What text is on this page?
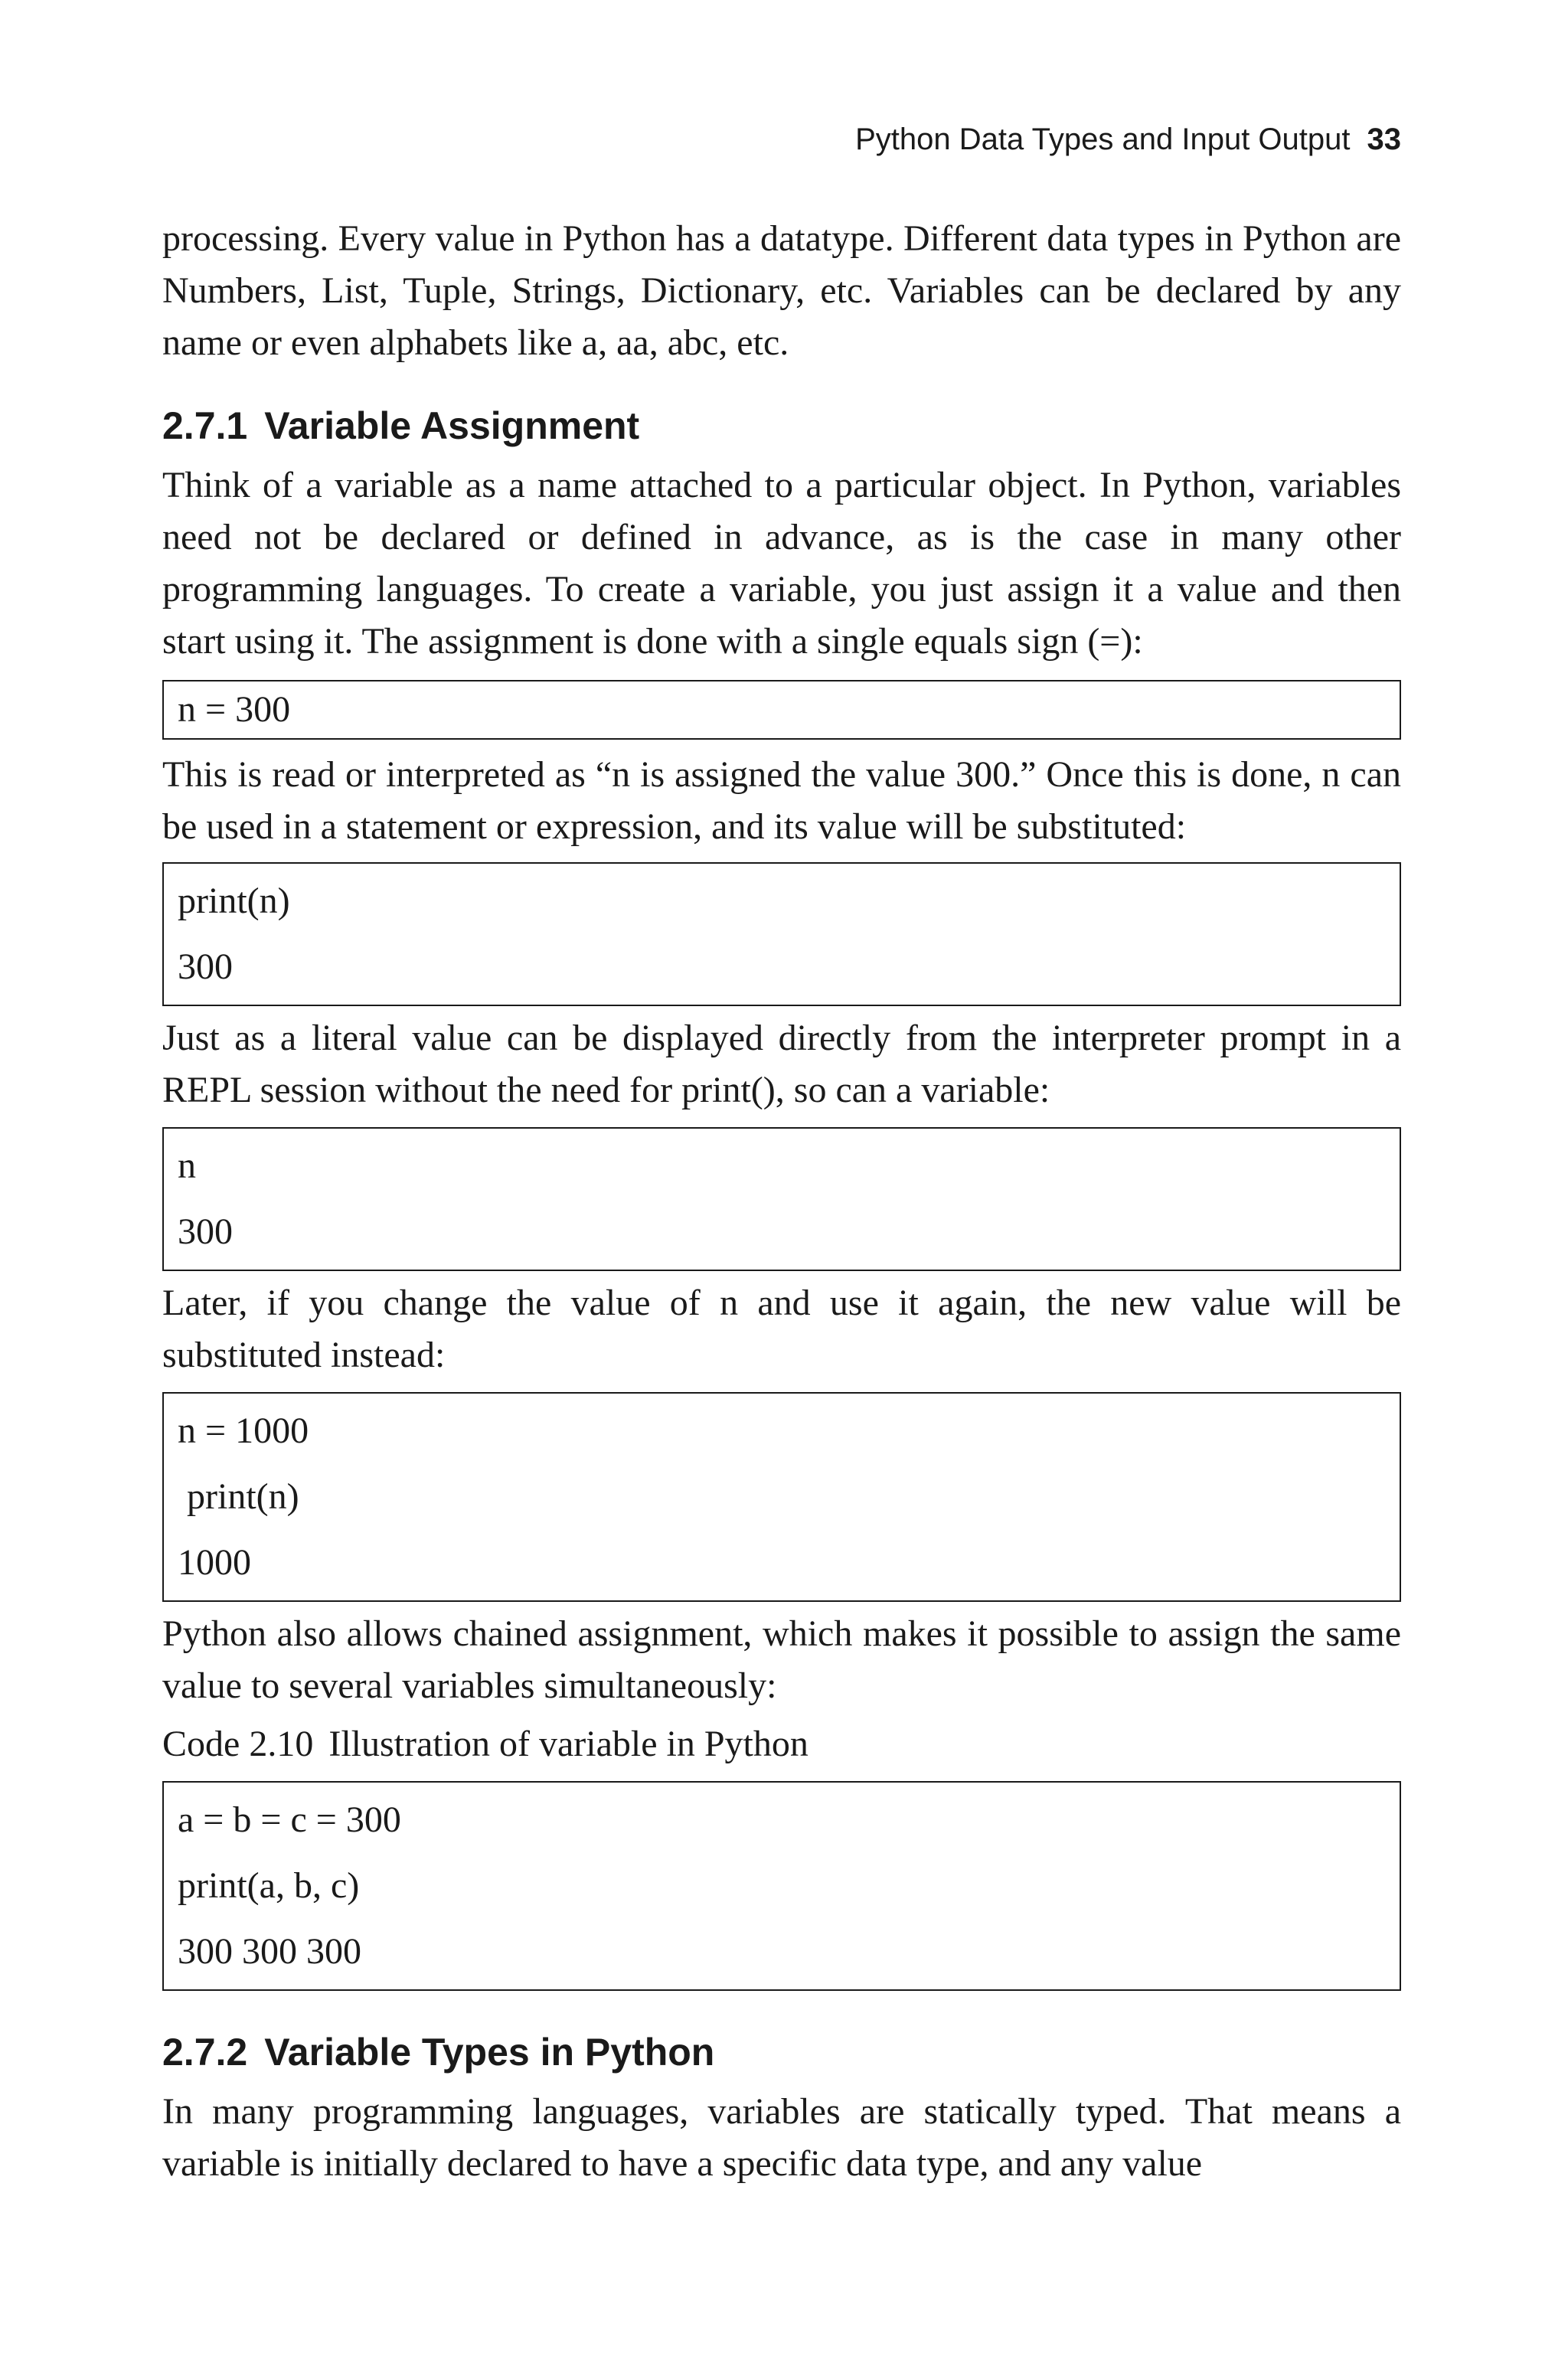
Python Data Types and Input Output 33

processing. Every value in Python has a datatype. Different data types in Python are Numbers, List, Tuple, Strings, Dictionary, etc. Variables can be declared by any name or even alphabets like a, aa, abc, etc.

2.7.1 Variable Assignment

Think of a variable as a name attached to a particular object. In Python, variables need not be declared or defined in advance, as is the case in many other programming languages. To create a variable, you just assign it a value and then start using it. The assignment is done with a single equals sign (=):

n = 300

This is read or interpreted as “n is assigned the value 300.” Once this is done, n can be used in a statement or expression, and its value will be substituted:

print(n)
300

Just as a literal value can be displayed directly from the interpreter prompt in a REPL session without the need for print(), so can a variable:

n
300

Later, if you change the value of n and use it again, the new value will be substituted instead:

n = 1000
print(n)
1000

Python also allows chained assignment, which makes it possible to assign the same value to several variables simultaneously:

Code 2.10 Illustration of variable in Python

a = b = c = 300
print(a, b, c)
300 300 300
2.7.2 Variable Types in Python

In many programming languages, variables are statically typed. That means a variable is initially declared to have a specific data type, and any value
